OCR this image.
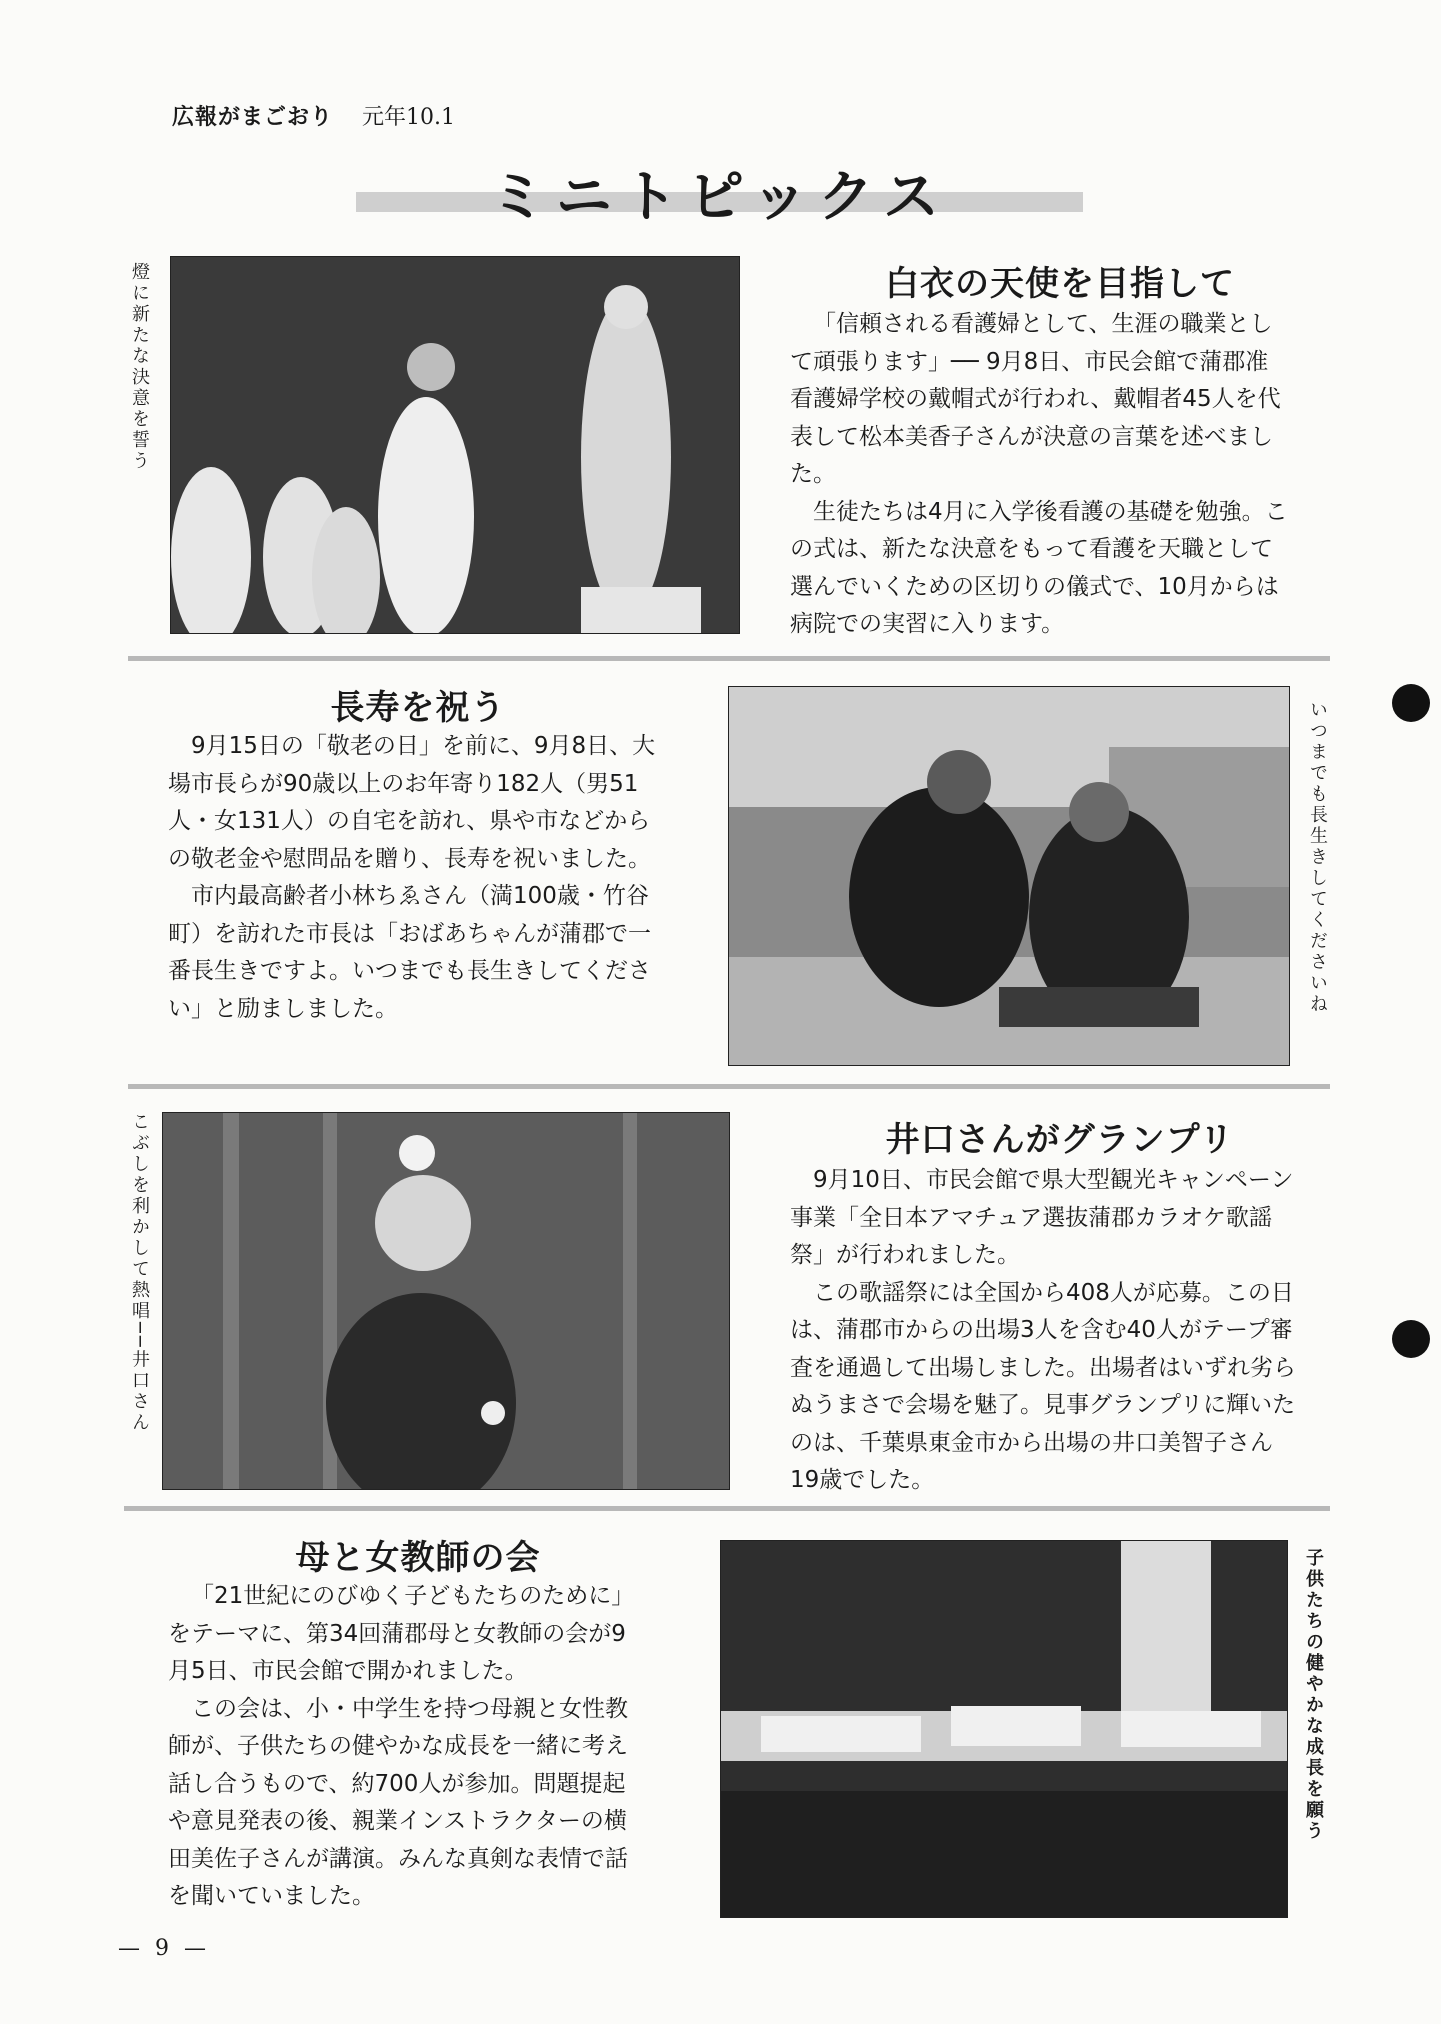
広報がまごおり 元年10.1
ミニトピックス
燈に新たな決意を誓う	白衣の天使を目指して

「信頼される看護婦として、生涯の職業として頑張ります」── 9月8日、市民会館で蒲郡准看護婦学校の戴帽式が行われ、戴帽者45人を代表して松本美香子さんが決意の言葉を述べました。

生徒たちは4月に入学後看護の基礎を勉強。この式は、新たな決意をもって看護を天職として選んでいくための区切りの儀式で、10月からは病院での実習に入ります。

長寿を祝う

9月15日の「敬老の日」を前に、9月8日、大場市長らが90歳以上のお年寄り182人（男51人・女131人）の自宅を訪れ、県や市などからの敬老金や慰問品を贈り、長寿を祝いました。

市内最高齢者小林ちゑさん（満100歳・竹谷町）を訪れた市長は「おばあちゃんが蒲郡で一番長生きですよ。いつまでも長生きしてください」と励ましました。	いつまでも長生きしてくださいね
こぶしを利かして熱唱──井口さん	井口さんがグランプリ

9月10日、市民会館で県大型観光キャンペーン事業「全日本アマチュア選抜蒲郡カラオケ歌謡祭」が行われました。

この歌謡祭には全国から408人が応募。この日は、蒲郡市からの出場3人を含む40人がテープ審査を通過して出場しました。出場者はいずれ劣らぬうまさで会場を魅了。見事グランプリに輝いたのは、千葉県東金市から出場の井口美智子さん19歳でした。

母と女教師の会

「21世紀にのびゆく子どもたちのために」をテーマに、第34回蒲郡母と女教師の会が9月5日、市民会館で開かれました。

この会は、小・中学生を持つ母親と女性教師が、子供たちの健やかな成長を一緒に考え話し合うもので、約700人が参加。問題提起や意見発表の後、親業インストラクターの横田美佐子さんが講演。みんな真剣な表情で話を聞いていました。

子供たちの健やかな成長を願う
— 9 —
